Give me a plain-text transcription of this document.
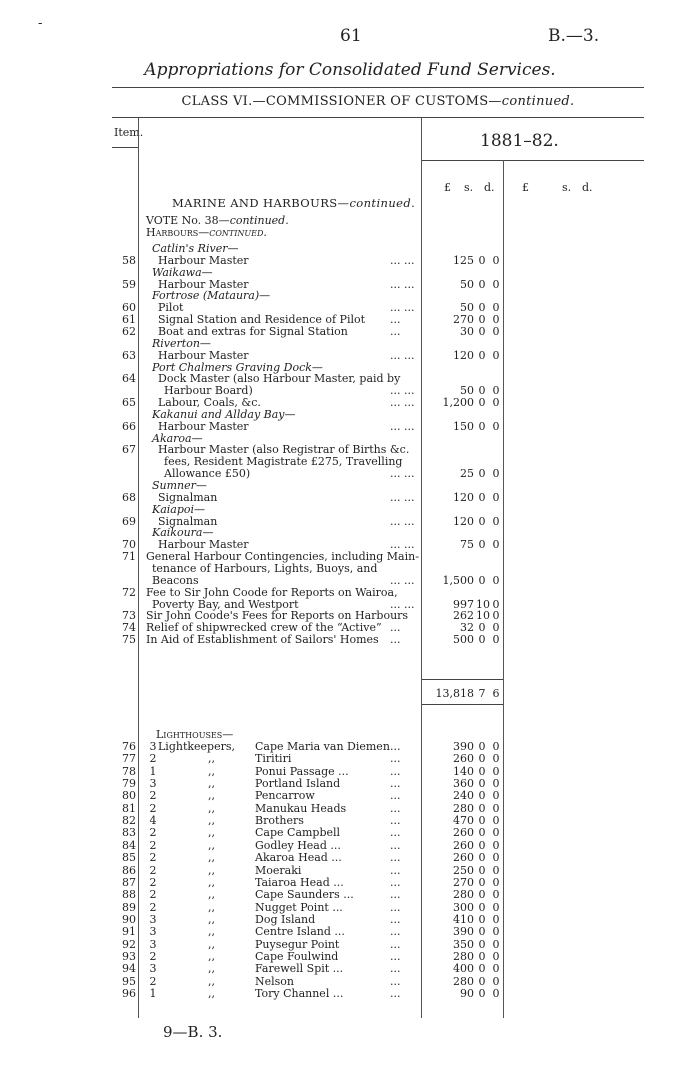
-
61	B.—3.
Appropriations for Consolidated Fund Services.
CLASS VI.—COMMISSIONER OF CUSTOMS—continued.
Item.	1881–82.
£ s. d. £	s. d.
MARINE AND HARBOURS—continued.
VOTE No. 38—continued.
Harbours—continued.
Catlin's River—
58 Harbour Master	... ...	125 0 0
Waikawa—
59 Harbour Master	... ...	50 0 0
Fortrose (Mataura)—
60 Pilot	... ...	50 0 0
61 Signal Station and Residence of Pilot ...	270 0 0
62 Boat and extras for Signal Station	...	30 0 0
Riverton—
63 Harbour Master	... ...	120 0 0
Port Chalmers Graving Dock—
64 Dock Master (also Harbour Master, paid by
Harbour Board)	... ...	50 0 0
65 Labour, Coals, &c.	... ...	1,200 0 0
Kakanui and Allday Bay—
66 Harbour Master	... ...	150 0 0
Akaroa—
67 Harbour Master (also Registrar of Births &c.
fees, Resident Magistrate £275, Travelling
Allowance £50)	... ...	25 0 0
Sumner—
68 Signalman	... ...	120 0 0
Kaiapoi—
69 Signalman	... ...	120 0 0
Kaikoura—
70 Harbour Master	... ...	75 0 0
71 General Harbour Contingencies, including Main-
tenance of Harbours, Lights, Buoys, and
Beacons	... ...	1,500 0 0
72 Fee to Sir John Coode for Reports on Wairoa,
Poverty Bay, and Westport	... ...	997 10 0
73 Sir John Coode's Fees for Reports on Harbours	262 10 0
74 Relief of shipwrecked crew of the “Active” ...	32 0 0
75 In Aid of Establishment of Sailors' Homes ...	500 0 0
13,818 7 6
Lighthouses—
76 3 Lightkeepers, Cape Maria van Diemen ...	390 0 0
77 2	,,	Tiritiri	...	260 0 0
78 1	,,	Ponui Passage ...	...	140 0 0
79 3	,,	Portland Island	...	360 0 0
80 2	,,	Pencarrow	...	240 0 0
81 2	,,	Manukau Heads	...	280 0 0
82 4	,,	Brothers	...	470 0 0
83 2	,,	Cape Campbell	...	260 0 0
84 2	,,	Godley Head ...	...	260 0 0
85 2	,,	Akaroa Head ...	...	260 0 0
86 2	,,	Moeraki	...	250 0 0
87 2	,,	Taiaroa Head ...	...	270 0 0
88 2	,,	Cape Saunders ...	...	280 0 0
89 2	,,	Nugget Point ...	...	300 0 0
90 3	,,	Dog Island	...	410 0 0
91 3	,,	Centre Island ...	...	390 0 0
92 3	,,	Puysegur Point	...	350 0 0
93 2	,,	Cape Foulwind	...	280 0 0
94 3	,,	Farewell Spit ...	...	400 0 0
95 2	,,	Nelson	...	280 0 0
96 1	,,	Tory Channel ...	...	90 0 0
9—B. 3.
